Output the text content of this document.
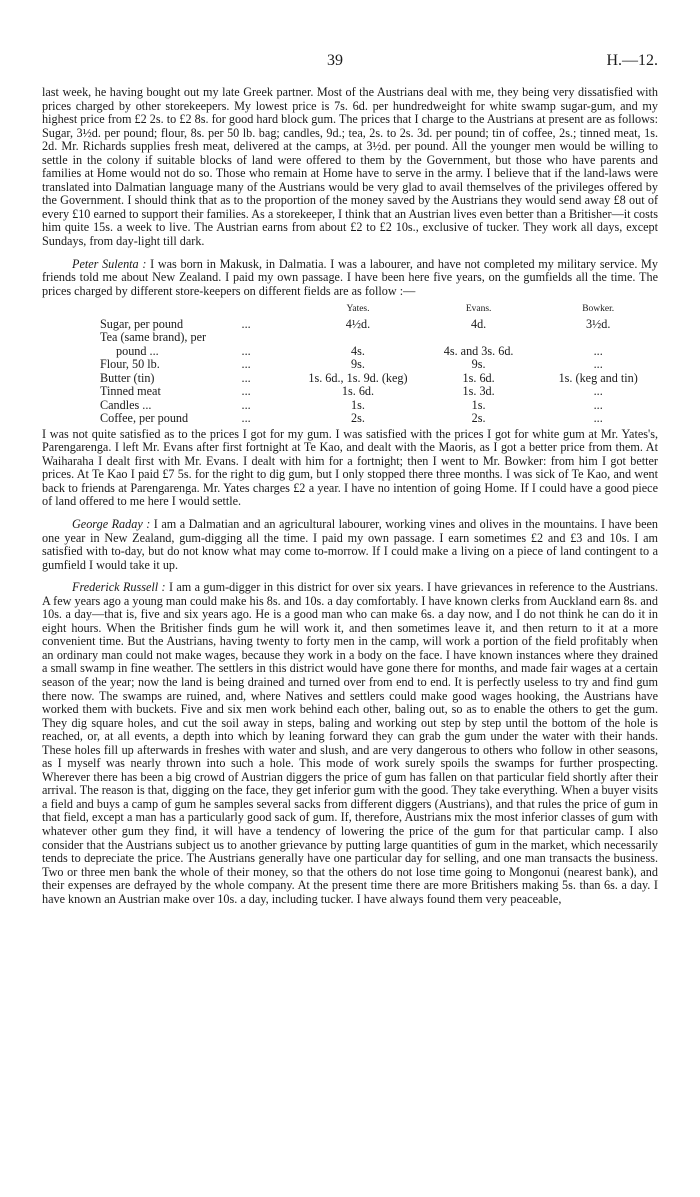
39	H.—12.

last week, he having bought out my late Greek partner. Most of the Austrians deal with me, they being very dissatisfied with prices charged by other storekeepers. My lowest price is 7s. 6d. per hundredweight for white swamp sugar-gum, and my highest price from £2 2s. to £2 8s. for good hard block gum. The prices that I charge to the Austrians at present are as follows: Sugar, 3½d. per pound; flour, 8s. per 50 lb. bag; candles, 9d.; tea, 2s. to 2s. 3d. per pound; tin of coffee, 2s.; tinned meat, 1s. 2d. Mr. Richards supplies fresh meat, delivered at the camps, at 3½d. per pound. All the younger men would be willing to settle in the colony if suitable blocks of land were offered to them by the Government, but those who have parents and families at Home would not do so. Those who remain at Home have to serve in the army. I believe that if the land-laws were translated into Dalmatian language many of the Austrians would be very glad to avail themselves of the privileges offered by the Government. I should think that as to the proportion of the money saved by the Austrians they would send away £8 out of every £10 earned to support their families. As a storekeeper, I think that an Austrian lives even better than a Britisher—it costs him quite 15s. a week to live. The Austrian earns from about £2 to £2 10s., exclusive of tucker. They work all days, except Sundays, from day-light till dark.

Peter Sulenta : I was born in Makusk, in Dalmatia. I was a labourer, and have not completed my military service. My friends told me about New Zealand. I paid my own passage. I have been here five years, on the gumfields all the time. The prices charged by different store-keepers on different fields are as follow :—

		Yates.	Evans.	Bowker.
Sugar, per pound	...	4½d.	4d.	3½d.
Tea (same brand), per				
pound ...	...	4s.	4s. and 3s. 6d.	...
Flour, 50 lb.	...	9s.	9s.	...
Butter (tin)	...	1s. 6d., 1s. 9d. (keg)	1s. 6d.	1s. (keg and tin)
Tinned meat	...	1s. 6d.	1s. 3d.	...
Candles ...	...	1s.	1s.	...
Coffee, per pound	...	2s.	2s.	...

I was not quite satisfied as to the prices I got for my gum. I was satisfied with the prices I got for white gum at Mr. Yates's, Parengarenga. I left Mr. Evans after first fortnight at Te Kao, and dealt with the Maoris, as I got a better price from them. At Waiharaha I dealt first with Mr. Evans. I dealt with him for a fortnight; then I went to Mr. Bowker: from him I got better prices. At Te Kao I paid £7 5s. for the right to dig gum, but I only stopped there three months. I was sick of Te Kao, and went back to friends at Parengarenga. Mr. Yates charges £2 a year. I have no intention of going Home. If I could have a good piece of land offered to me here I would settle.

George Raday : I am a Dalmatian and an agricultural labourer, working vines and olives in the mountains. I have been one year in New Zealand, gum-digging all the time. I paid my own passage. I earn sometimes £2 and £3 and 10s. I am satisfied with to-day, but do not know what may come to-morrow. If I could make a living on a piece of land contingent to a gumfield I would take it up.

Frederick Russell : I am a gum-digger in this district for over six years. I have grievances in reference to the Austrians. A few years ago a young man could make his 8s. and 10s. a day comfortably. I have known clerks from Auckland earn 8s. and 10s. a day—that is, five and six years ago. He is a good man who can make 6s. a day now, and I do not think he can do it in eight hours. When the Britisher finds gum he will work it, and then sometimes leave it, and then return to it at a more convenient time. But the Austrians, having twenty to forty men in the camp, will work a portion of the field profitably when an ordinary man could not make wages, because they work in a body on the face. I have known instances where they drained a small swamp in fine weather. The settlers in this district would have gone there for months, and made fair wages at a certain season of the year; now the land is being drained and turned over from end to end. It is perfectly useless to try and find gum there now. The swamps are ruined, and, where Natives and settlers could make good wages hooking, the Austrians have worked them with buckets. Five and six men work behind each other, baling out, so as to enable the others to get the gum. They dig square holes, and cut the soil away in steps, baling and working out step by step until the bottom of the hole is reached, or, at all events, a depth into which by leaning forward they can grab the gum under the water with their hands. These holes fill up afterwards in freshes with water and slush, and are very dangerous to others who follow in other seasons, as I myself was nearly thrown into such a hole. This mode of work surely spoils the swamps for further prospecting. Wherever there has been a big crowd of Austrian diggers the price of gum has fallen on that particular field shortly after their arrival. The reason is that, digging on the face, they get inferior gum with the good. They take everything. When a buyer visits a field and buys a camp of gum he samples several sacks from different diggers (Austrians), and that rules the price of gum in that field, except a man has a particularly good sack of gum. If, therefore, Austrians mix the most inferior classes of gum with whatever other gum they find, it will have a tendency of lowering the price of the gum for that particular camp. I also consider that the Austrians subject us to another grievance by putting large quantities of gum in the market, which necessarily tends to depreciate the price. The Austrians generally have one particular day for selling, and one man transacts the business. Two or three men bank the whole of their money, so that the others do not lose time going to Mongonui (nearest bank), and their expenses are defrayed by the whole company. At the present time there are more Britishers making 5s. than 6s. a day. I have known an Austrian make over 10s. a day, including tucker. I have always found them very peaceable,
